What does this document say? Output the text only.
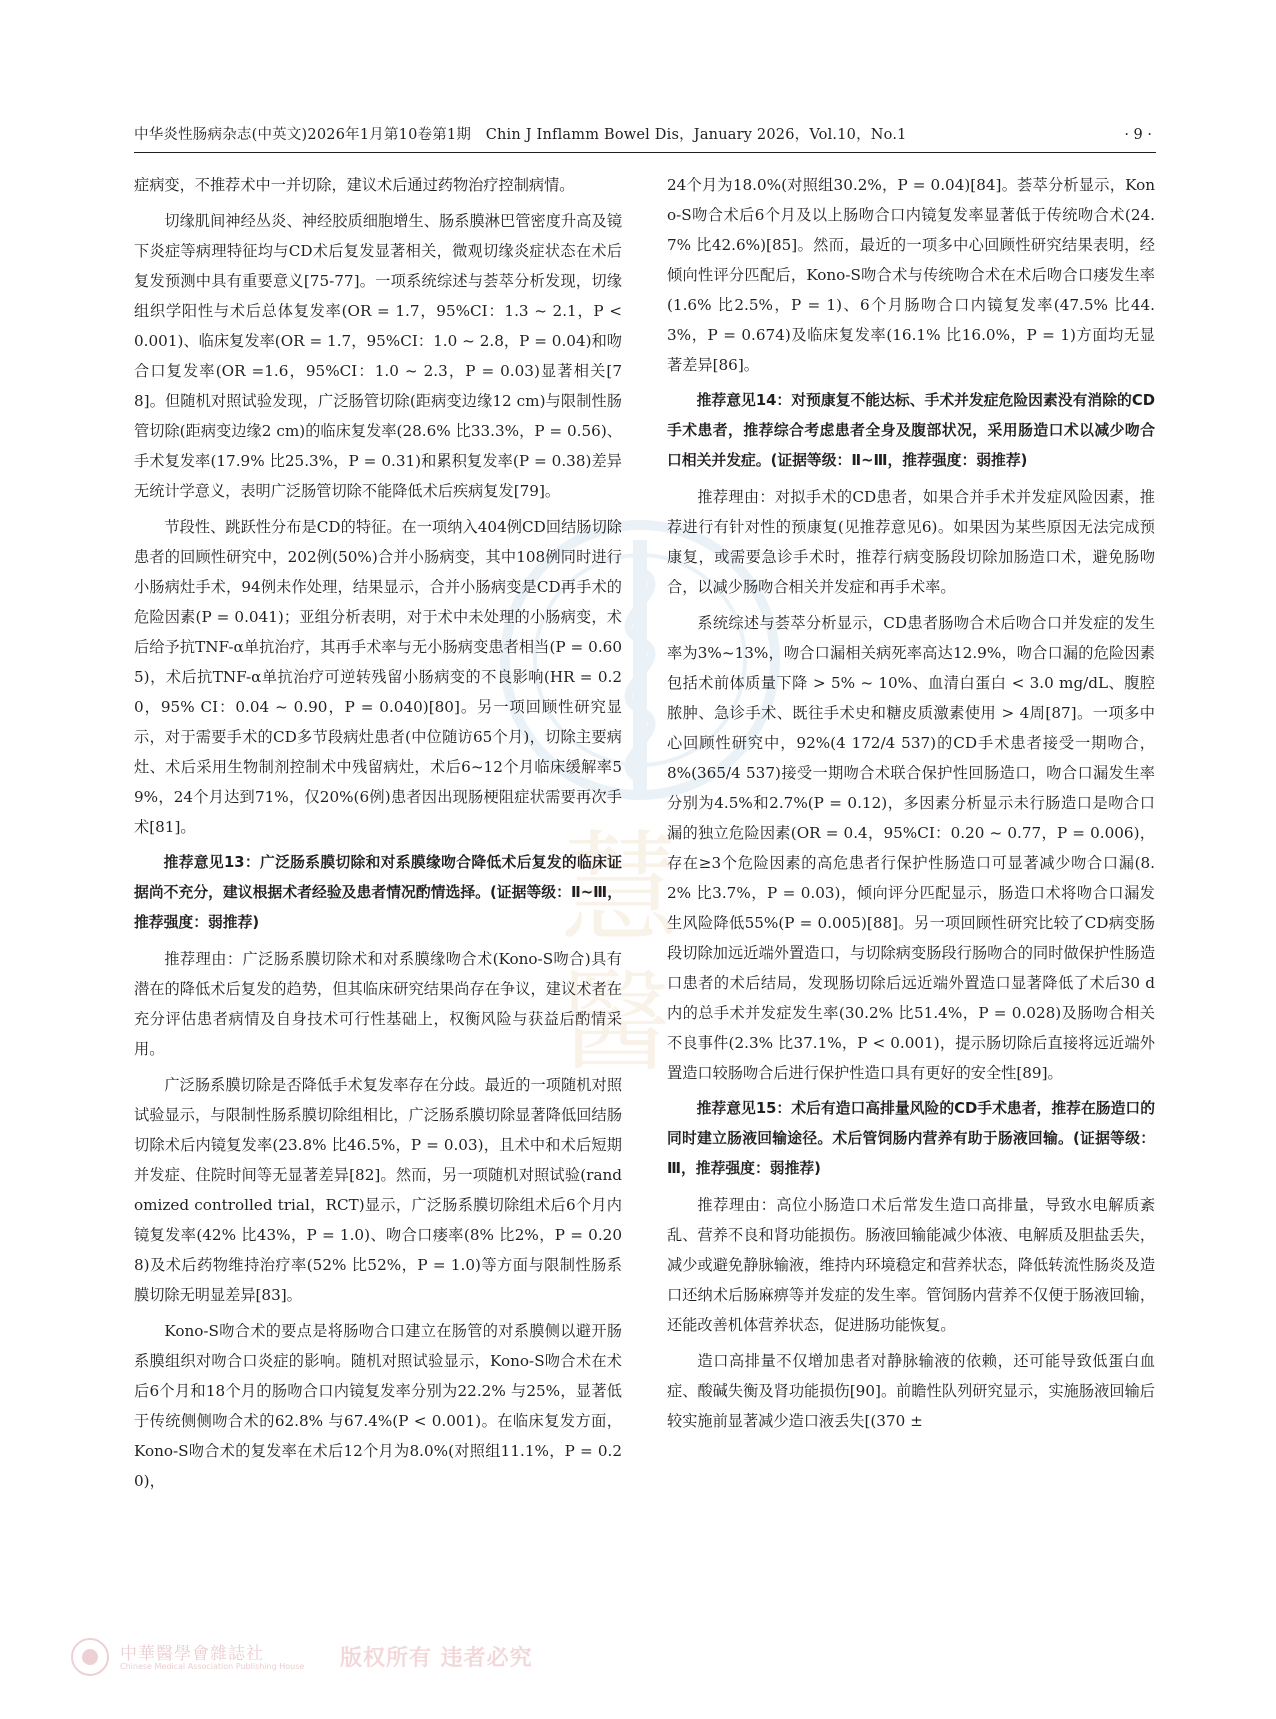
中华炎性肠病杂志(中英文)2026年1月第10卷第1期　Chin J Inflamm Bowel Dis，January 2026，Vol.10，No.1	· 9 ·
慧
醫

症病变，不推荐术中一并切除，建议术后通过药物治疗控制病情。

切缘肌间神经丛炎、神经胶质细胞增生、肠系膜淋巴管密度升高及镜下炎症等病理特征均与CD术后复发显著相关，微观切缘炎症状态在术后复发预测中具有重要意义[75-77]。一项系统综述与荟萃分析发现，切缘组织学阳性与术后总体复发率(OR = 1.7，95%CI：1.3 ~ 2.1，P < 0.001)、临床复发率(OR = 1.7，95%CI：1.0 ~ 2.8，P = 0.04)和吻合口复发率(OR =1.6，95%CI：1.0 ~ 2.3，P = 0.03)显著相关[78]。但随机对照试验发现，广泛肠管切除(距病变边缘12 cm)与限制性肠管切除(距病变边缘2 cm)的临床复发率(28.6% 比33.3%，P = 0.56)、手术复发率(17.9% 比25.3%，P = 0.31)和累积复发率(P = 0.38)差异无统计学意义，表明广泛肠管切除不能降低术后疾病复发[79]。

节段性、跳跃性分布是CD的特征。在一项纳入404例CD回结肠切除患者的回顾性研究中，202例(50%)合并小肠病变，其中108例同时进行小肠病灶手术，94例未作处理，结果显示，合并小肠病变是CD再手术的危险因素(P = 0.041)；亚组分析表明，对于术中未处理的小肠病变，术后给予抗TNF-α单抗治疗，其再手术率与无小肠病变患者相当(P = 0.605)，术后抗TNF-α单抗治疗可逆转残留小肠病变的不良影响(HR = 0.20，95% CI：0.04 ~ 0.90，P = 0.040)[80]。另一项回顾性研究显示，对于需要手术的CD多节段病灶患者(中位随访65个月)，切除主要病灶、术后采用生物制剂控制术中残留病灶，术后6~12个月临床缓解率59%，24个月达到71%，仅20%(6例)患者因出现肠梗阻症状需要再次手术[81]。

推荐意见13：广泛肠系膜切除和对系膜缘吻合降低术后复发的临床证据尚不充分，建议根据术者经验及患者情况酌情选择。(证据等级：Ⅱ~Ⅲ，推荐强度：弱推荐)

推荐理由：广泛肠系膜切除术和对系膜缘吻合术(Kono-S吻合)具有潜在的降低术后复发的趋势，但其临床研究结果尚存在争议，建议术者在充分评估患者病情及自身技术可行性基础上，权衡风险与获益后酌情采用。

广泛肠系膜切除是否降低手术复发率存在分歧。最近的一项随机对照试验显示，与限制性肠系膜切除组相比，广泛肠系膜切除显著降低回结肠切除术后内镜复发率(23.8% 比46.5%，P = 0.03)，且术中和术后短期并发症、住院时间等无显著差异[82]。然而，另一项随机对照试验(randomized controlled trial，RCT)显示，广泛肠系膜切除组术后6个月内镜复发率(42% 比43%，P = 1.0)、吻合口瘘率(8% 比2%，P = 0.208)及术后药物维持治疗率(52% 比52%，P = 1.0)等方面与限制性肠系膜切除无明显差异[83]。

Kono-S吻合术的要点是将肠吻合口建立在肠管的对系膜侧以避开肠系膜组织对吻合口炎症的影响。随机对照试验显示，Kono-S吻合术在术后6个月和18个月的肠吻合口内镜复发率分别为22.2% 与25%，显著低于传统侧侧吻合术的62.8% 与67.4%(P < 0.001)。在临床复发方面，Kono-S吻合术的复发率在术后12个月为8.0%(对照组11.1%，P = 0.20)，

24个月为18.0%(对照组30.2%，P = 0.04)[84]。荟萃分析显示，Kono-S吻合术后6个月及以上肠吻合口内镜复发率显著低于传统吻合术(24.7% 比42.6%)[85]。然而，最近的一项多中心回顾性研究结果表明，经倾向性评分匹配后，Kono-S吻合术与传统吻合术在术后吻合口瘘发生率(1.6% 比2.5%，P = 1)、6个月肠吻合口内镜复发率(47.5% 比44.3%，P = 0.674)及临床复发率(16.1% 比16.0%，P = 1)方面均无显著差异[86]。

推荐意见14：对预康复不能达标、手术并发症危险因素没有消除的CD手术患者，推荐综合考虑患者全身及腹部状况，采用肠造口术以减少吻合口相关并发症。(证据等级：Ⅱ~Ⅲ，推荐强度：弱推荐)

推荐理由：对拟手术的CD患者，如果合并手术并发症风险因素，推荐进行有针对性的预康复(见推荐意见6)。如果因为某些原因无法完成预康复，或需要急诊手术时，推荐行病变肠段切除加肠造口术，避免肠吻合，以减少肠吻合相关并发症和再手术率。

系统综述与荟萃分析显示，CD患者肠吻合术后吻合口并发症的发生率为3%~13%，吻合口漏相关病死率高达12.9%，吻合口漏的危险因素包括术前体质量下降 > 5% ~ 10%、血清白蛋白 < 3.0 mg/dL、腹腔脓肿、急诊手术、既往手术史和糖皮质激素使用 > 4周[87]。一项多中心回顾性研究中，92%(4 172/4 537)的CD手术患者接受一期吻合，8%(365/4 537)接受一期吻合术联合保护性回肠造口，吻合口漏发生率分别为4.5%和2.7%(P = 0.12)，多因素分析显示未行肠造口是吻合口漏的独立危险因素(OR = 0.4，95%CI：0.20 ~ 0.77，P = 0.006)，存在≥3个危险因素的高危患者行保护性肠造口可显著减少吻合口漏(8.2% 比3.7%，P = 0.03)，倾向评分匹配显示，肠造口术将吻合口漏发生风险降低55%(P = 0.005)[88]。另一项回顾性研究比较了CD病变肠段切除加远近端外置造口，与切除病变肠段行肠吻合的同时做保护性肠造口患者的术后结局，发现肠切除后远近端外置造口显著降低了术后30 d内的总手术并发症发生率(30.2% 比51.4%，P = 0.028)及肠吻合相关不良事件(2.3% 比37.1%，P < 0.001)，提示肠切除后直接将远近端外置造口较肠吻合后进行保护性造口具有更好的安全性[89]。

推荐意见15：术后有造口高排量风险的CD手术患者，推荐在肠造口的同时建立肠液回输途径。术后管饲肠内营养有助于肠液回输。(证据等级：Ⅲ，推荐强度：弱推荐)

推荐理由：高位小肠造口术后常发生造口高排量，导致水电解质紊乱、营养不良和肾功能损伤。肠液回输能减少体液、电解质及胆盐丢失，减少或避免静脉输液，维持内环境稳定和营养状态，降低转流性肠炎及造口还纳术后肠麻痹等并发症的发生率。管饲肠内营养不仅便于肠液回输，还能改善机体营养状态，促进肠功能恢复。

造口高排量不仅增加患者对静脉输液的依赖，还可能导致低蛋白血症、酸碱失衡及肾功能损伤[90]。前瞻性队列研究显示，实施肠液回输后较实施前显著减少造口液丢失[(370 ±

中華醫學會雜誌社
Chinese Medical Association Publishing House 版权所有 违者必究
